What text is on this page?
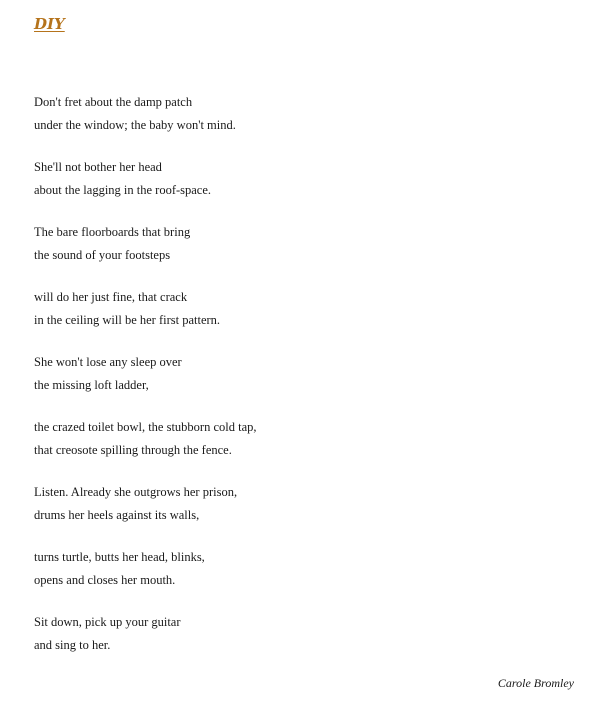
DIY
Don't fret about the damp patch
under the window; the baby won't mind.
She'll not bother her head
about the lagging in the roof-space.
The bare floorboards that bring
the sound of your footsteps
will do her just fine, that crack
in the ceiling will be her first pattern.
She won't lose any sleep over
the missing loft ladder,
the crazed toilet bowl, the stubborn cold tap,
that creosote spilling through the fence.
Listen. Already she outgrows her prison,
drums her heels against its walls,
turns turtle, butts her head, blinks,
opens and closes her mouth.
Sit down, pick up your guitar
and sing to her.
Carole Bromley
